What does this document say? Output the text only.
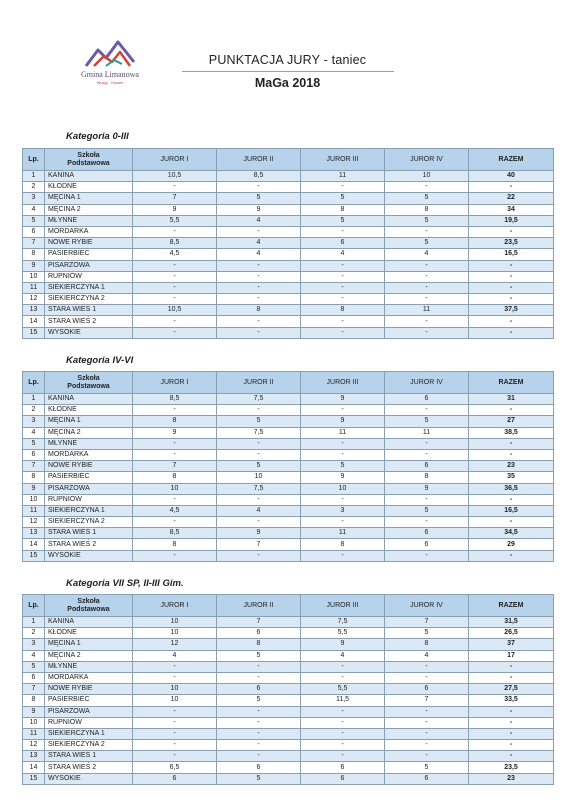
Gmina Limanowa
Wrzęgi · Zdrowie
PUNKTACJA JURY - taniec
MaGa 2018
Kategoria 0-III
Lp.	Szkoła
Podstawowa	JUROR I	JUROR II	JUROR III	JUROR IV	RAZEM
1	KANINA	10,5	8,5	11	10	40
2	KŁODNE	-	-	-	-	-
3	MĘCINA 1	7	5	5	5	22
4	MĘCINA 2	9	9	8	8	34
5	MŁYNNE	5,5	4	5	5	19,5
6	MORDARKA	-	-	-	-	-
7	NOWE RYBIE	8,5	4	6	5	23,5
8	PASIERBIEC	4,5	4	4	4	16,5
9	PISARZOWA	-	-	-	-	-
10	RUPNIÓW	-	-	-	-	-
11	SIEKIERCZYNA 1	-	-	-	-	-
12	SIEKIERCZYNA 2	-	-	-	-	-
13	STARA WIEŚ 1	10,5	8	8	11	37,5
14	STARA WIEŚ 2	-	-	-	-	-
15	WYSOKIE	-	-	-	-	-
Kategoria IV-VI
Lp.	Szkoła
Podstawowa	JUROR I	JUROR II	JUROR III	JUROR IV	RAZEM
1	KANINA	8,5	7,5	9	6	31
2	KŁODNE	-	-	-	-	-
3	MĘCINA 1	8	5	9	5	27
4	MĘCINA 2	9	7,5	11	11	38,5
5	MŁYNNE	-	-	-	-	-
6	MORDARKA	-	-	-	-	-
7	NOWE RYBIE	7	5	5	6	23
8	PASIERBIEC	8	10	9	8	35
9	PISARZOWA	10	7,5	10	9	36,5
10	RUPNIÓW	-	-	-	-	-
11	SIEKIERCZYNA 1	4,5	4	3	5	16,5
12	SIEKIERCZYNA 2	-	-	-	-	-
13	STARA WIEŚ 1	8,5	9	11	6	34,5
14	STARA WIEŚ 2	8	7	8	6	29
15	WYSOKIE	-	-	-	-	-
Kategoria VII SP, II-III Gim.
Lp.	Szkoła
Podstawowa	JUROR I	JUROR II	JUROR III	JUROR IV	RAZEM
1	KANINA	10	7	7,5	7	31,5
2	KŁODNE	10	6	5,5	5	26,5
3	MĘCINA 1	12	8	9	8	37
4	MĘCINA 2	4	5	4	4	17
5	MŁYNNE	-	-	-	-	-
6	MORDARKA	-	-	-	-	-
7	NOWE RYBIE	10	6	5,5	6	27,5
8	PASIERBIEC	10	5	11,5	7	33,5
9	PISARZOWA	-	-	-	-	-
10	RUPNIÓW	-	-	-	-	-
11	SIEKIERCZYNA 1	-	-	-	-	-
12	SIEKIERCZYNA 2	-	-	-	-	-
13	STARA WIEŚ 1	-	-	-	-	-
14	STARA WIEŚ 2	6,5	6	6	5	23,5
15	WYSOKIE	6	5	6	6	23
